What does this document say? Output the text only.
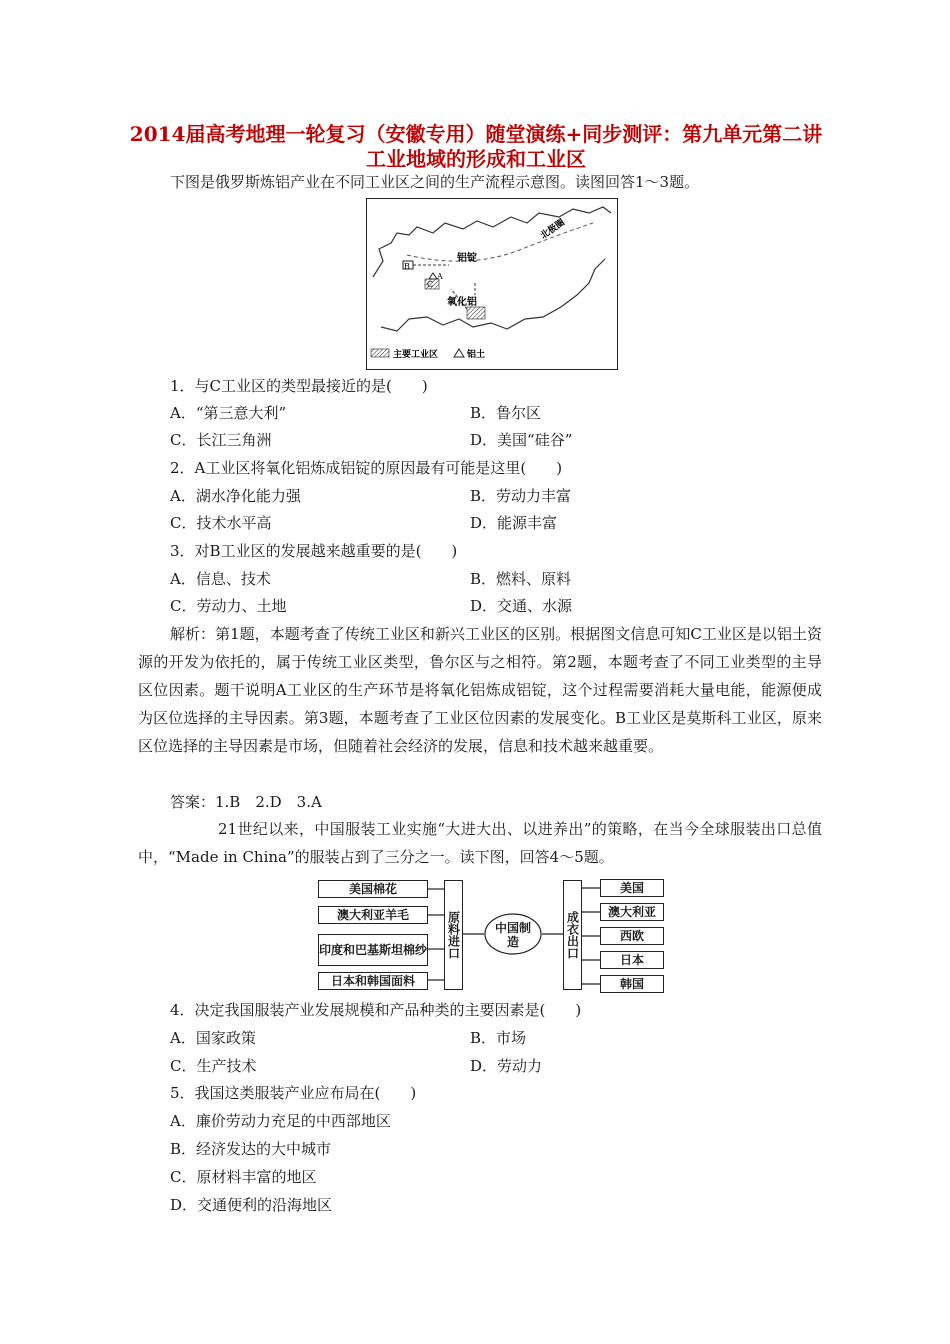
2014届高考地理一轮复习（安徽专用）随堂演练+同步测评：第九单元第二讲 工业地域的形成和工业区
下图是俄罗斯炼铝产业在不同工业区之间的生产流程示意图。读图回答1～3题。
北极圈
铝锭
氧化铝
B
C
A
主要工业区	铝土
1．与C工业区的类型最接近的是(　　)
A．“第三意大利”	B．鲁尔区
C．长江三角洲	D．美国“硅谷”
2．A工业区将氧化铝炼成铝锭的原因最有可能是这里(　　)
A．湖水净化能力强	B．劳动力丰富
C．技术水平高	D．能源丰富
3．对B工业区的发展越来越重要的是(　　)
A．信息、技术	B．燃料、原料
C．劳动力、土地	D．交通、水源
解析：第1题，本题考查了传统工业区和新兴工业区的区别。根据图文信息可知C工业区是以铝土资源的开发为依托的，属于传统工业区类型，鲁尔区与之相符。第2题，本题考查了不同工业类型的主导区位因素。题干说明A工业区的生产环节是将氧化铝炼成铝锭，这个过程需要消耗大量电能，能源便成为区位选择的主导因素。第3题，本题考查了工业区位因素的发展变化。B工业区是莫斯科工业区，原来区位选择的主导因素是市场，但随着社会经济的发展，信息和技术越来越重要。
答案：1.B　2.D　3.A
21世纪以来，中国服装工业实施“大进大出、以进养出”的策略，在当今全球服装出口总值中，“Made in China”的服装占到了三分之一。读下图，回答4～5题。
美国棉花
澳大利亚羊毛
印度和巴基斯坦棉纱
日本和韩国面料
原料进口	中国制造	成衣出口
美国
澳大利亚
西欧
日本
韩国
4．决定我国服装产业发展规模和产品种类的主要因素是(　　)
A．国家政策	B．市场
C．生产技术	D．劳动力
5．我国这类服装产业应布局在(　　)
A．廉价劳动力充足的中西部地区
B．经济发达的大中城市
C．原材料丰富的地区
D．交通便利的沿海地区
